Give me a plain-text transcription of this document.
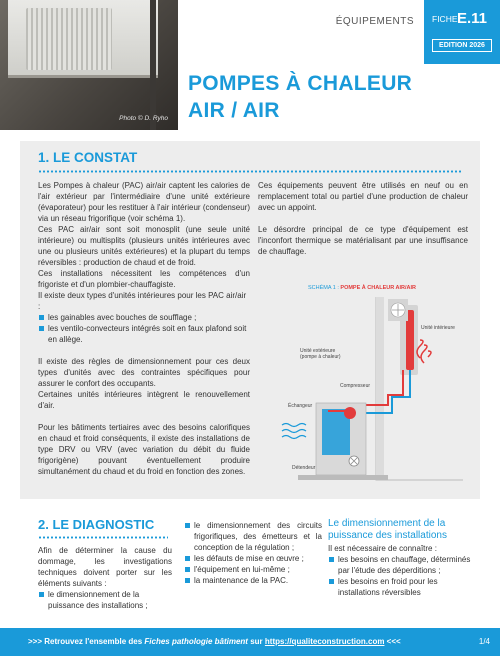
Photo © D. Ryho
ÉQUIPEMENTS FICHE E.11
EDITION 2026
POMPES À CHALEUR
AIR / AIR
1. LE CONSTAT

Les Pompes à chaleur (PAC) air/air captent les calories de l'air extérieur par l'intermédiaire d'une unité extérieure (évaporateur) pour les restituer à l'air intérieur (condenseur) via un réseau frigorifique (voir schéma 1).

Ces PAC air/air sont soit monosplit (une seule unité intérieure) ou multisplits (plusieurs unités intérieures avec une ou plusieurs unités extérieures) et la plupart du temps réversibles : production de chaud et de froid.

Ces installations nécessitent les compétences d'un frigoriste et d'un plombier-chauffagiste.

Il existe deux types d'unités intérieures pour les PAC air/air :

les gainables avec bouches de soufflage ;
les ventilo-convecteurs intégrés soit en faux plafond soit en allège.

Il existe des règles de dimensionnement pour ces deux types d'unités avec des contraintes spécifiques pour assurer le confort des occupants.

Certaines unités intérieures intègrent le renouvellement d'air.

Pour les bâtiments tertiaires avec des besoins calorifiques en chaud et froid conséquents, il existe des installations de type DRV ou VRV (avec variation du débit du fluide frigorigène) pouvant éventuellement produire simultanément du chaud et du froid en fonction des zones.

Ces équipements peuvent être utilisés en neuf ou en remplacement total ou partiel d'une production de chaleur avec un appoint.

Le désordre principal de ce type d'équipement est l'inconfort thermique se matérialisant par une insuffisance de chauffage.

SCHÉMA 1 : POMPE À CHALEUR AIR/AIR
Unité intérieure
Unité extérieure
(pompe à chaleur)
Compresseur
Échangeur
Détendeur
2. LE DIAGNOSTIC

Afin de déterminer la cause du dommage, les investigations techniques doivent porter sur les éléments suivants :

le dimensionnement de la puissance des installations ;
le dimensionnement des circuits frigorifiques, des émetteurs et la conception de la régulation ;
les défauts de mise en œuvre ;
l'équipement en lui-même ;
la maintenance de la PAC.
Le dimensionnement de la puissance des installations

Il est nécessaire de connaître :

les besoins en chauffage, déterminés par l'étude des déperditions ;
les besoins en froid pour les installations réversibles
>>> Retrouvez l'ensemble des Fiches pathologie bâtiment sur https://qualiteconstruction.com <<<	1/4
